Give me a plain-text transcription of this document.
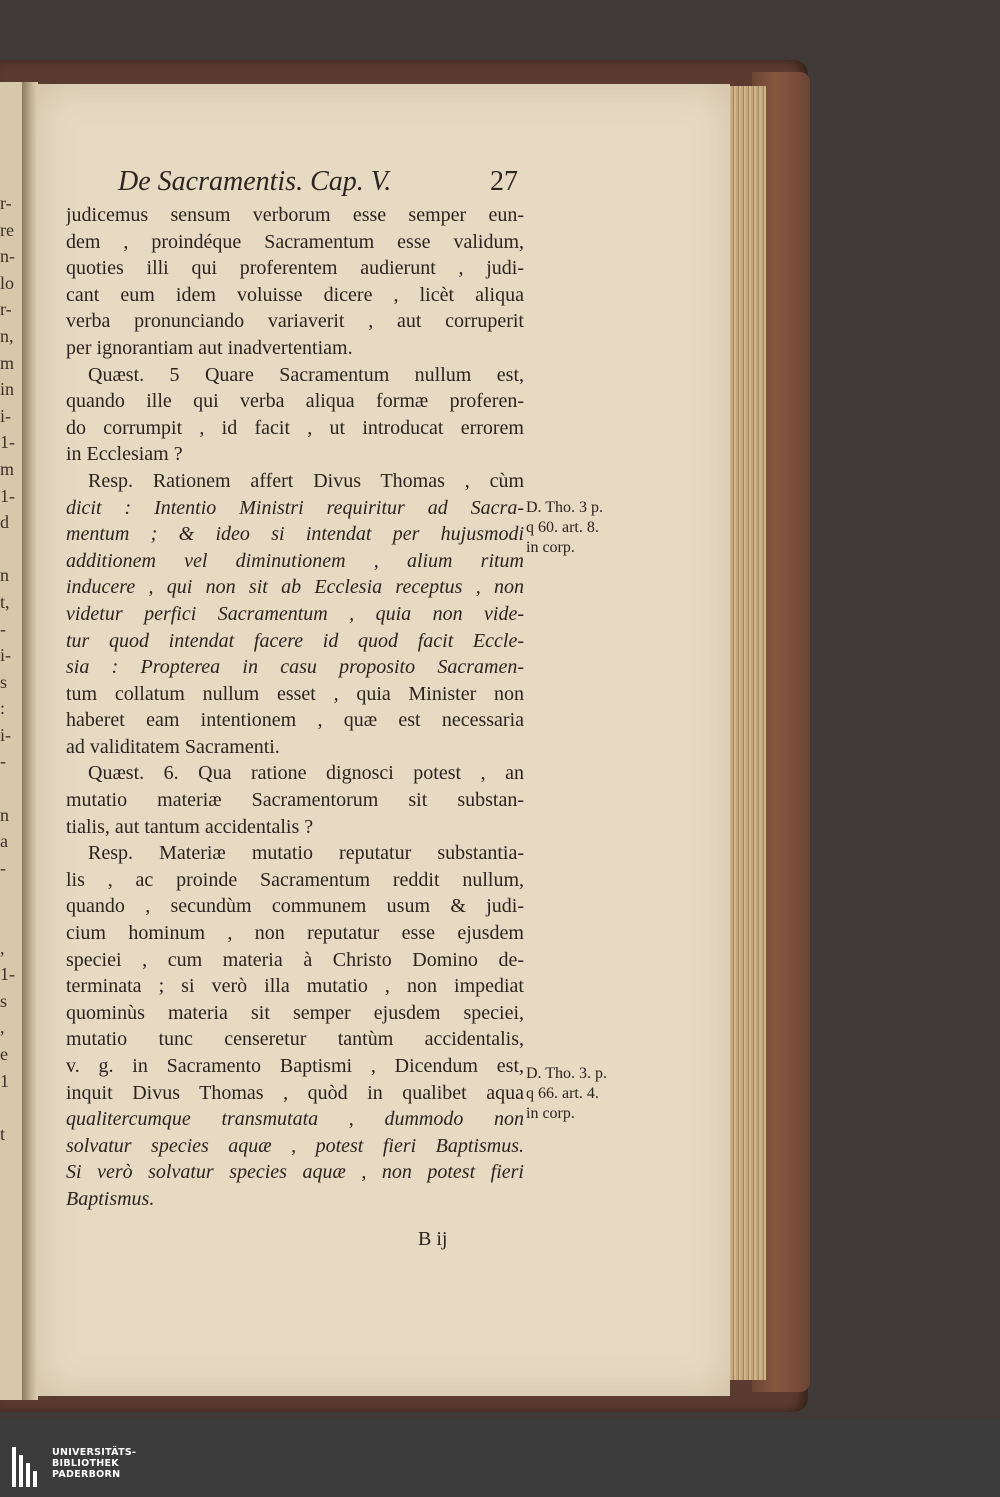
r-
re
n-
lo
r-
n,
m
in
i-
1-
m
1-
d
n
t,
-
i-
s
:
i-
-
n
a
-
,
1-
s
,
e
1
t
De Sacramentis. Cap. V.	27
judicemus sensum verborum esse semper eun-
dem , proindéque Sacramentum esse validum,
quoties illi qui proferentem audierunt , judi-
cant eum idem voluisse dicere , licèt aliqua
verba pronunciando variaverit , aut corruperit
per ignorantiam aut inadvertentiam.
Quæst. 5 Quare Sacramentum nullum est,
quando ille qui verba aliqua formæ proferen-
do corrumpit , id facit , ut introducat errorem
in Ecclesiam ?
Resp. Rationem affert Divus Thomas , cùm
dicit : Intentio Ministri requiritur ad Sacra-
mentum ; & ideo si intendat per hujusmodi
additionem vel diminutionem , alium ritum
inducere , qui non sit ab Ecclesia receptus , non
videtur perfici Sacramentum , quia non vide-
tur quod intendat facere id quod facit Eccle-
sia : Propterea in casu proposito Sacramen-
tum collatum nullum esset , quia Minister non
haberet eam intentionem , quæ est necessaria
ad validitatem Sacramenti.
Quæst. 6. Qua ratione dignosci potest , an
mutatio materiæ Sacramentorum sit substan-
tialis, aut tantum accidentalis ?
Resp. Materiæ mutatio reputatur substantia-
lis , ac proinde Sacramentum reddit nullum,
quando , secundùm communem usum & judi-
cium hominum , non reputatur esse ejusdem
speciei , cum materia à Christo Domino de-
terminata ; si verò illa mutatio , non impediat
quominùs materia sit semper ejusdem speciei,
mutatio tunc censeretur tantùm accidentalis,
v. g. in Sacramento Baptismi , Dicendum est,
inquit Divus Thomas , quòd in qualibet aqua
qualitercumque transmutata , dummodo non
solvatur species aquæ , potest fieri Baptismus.
Si verò solvatur species aquæ , non potest fieri
Baptismus.
D. Tho. 3 p.
q 60. art. 8.
in corp.
D. Tho. 3. p.
q 66. art. 4.
in corp.
B ij
UNIVERSITÄTS-
BIBLIOTHEK
PADERBORN
